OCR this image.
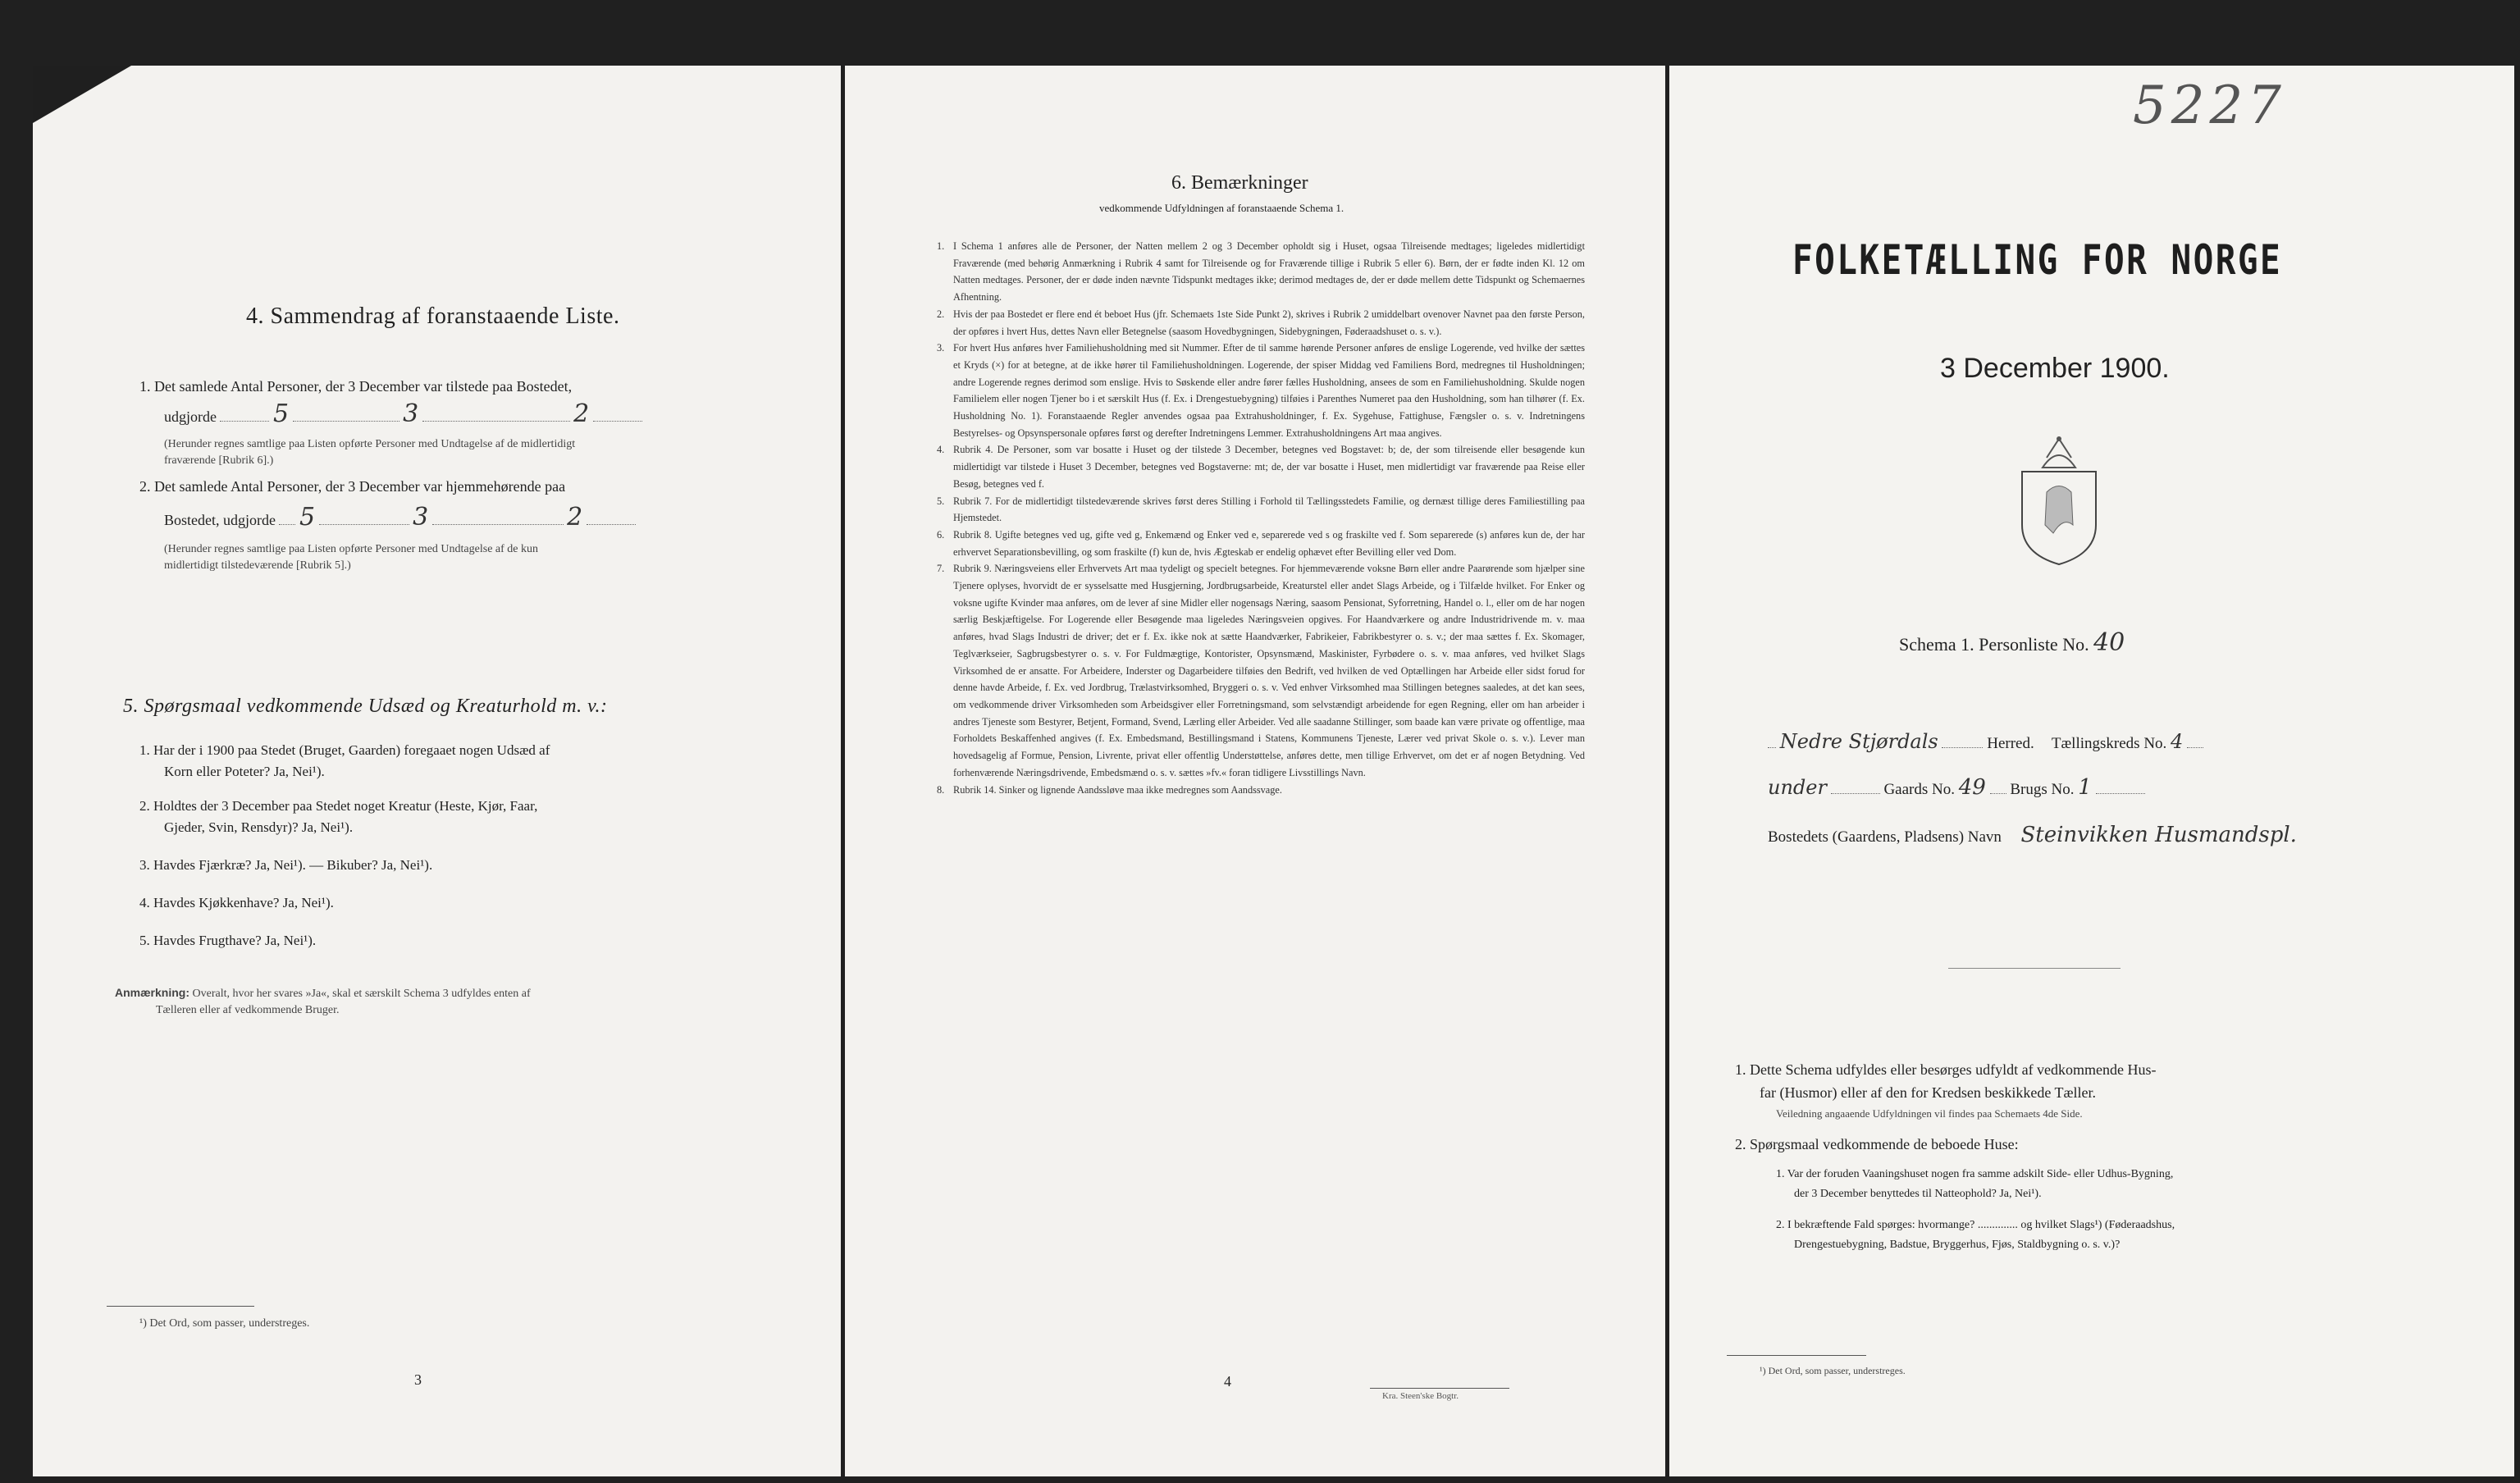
5227
4. Sammendrag af foranstaaende Liste.
1. Det samlede Antal Personer, der 3 December var tilstede paa Bostedet,
udgjorde 5	3	2
(Herunder regnes samtlige paa Listen opførte Personer med Undtagelse af de midlertidigt
fraværende [Rubrik 6].)
2. Det samlede Antal Personer, der 3 December var hjemmehørende paa
Bostedet, udgjorde 5	3	2
(Herunder regnes samtlige paa Listen opførte Personer med Undtagelse af de kun
midlertidigt tilstedeværende [Rubrik 5].)
5. Spørgsmaal vedkommende Udsæd og Kreaturhold m. v.:
1. Har der i 1900 paa Stedet (Bruget, Gaarden) foregaaet nogen Udsæd af
Korn eller Poteter? Ja, Nei¹).
2. Holdtes der 3 December paa Stedet noget Kreatur (Heste, Kjør, Faar,
Gjeder, Svin, Rensdyr)? Ja, Nei¹).
3. Havdes Fjærkræ? Ja, Nei¹). — Bikuber? Ja, Nei¹).
4. Havdes Kjøkkenhave? Ja, Nei¹).
5. Havdes Frugthave? Ja, Nei¹).
Anmærkning: Overalt, hvor her svares »Ja«, skal et særskilt Schema 3 udfyldes enten af
Tælleren eller af vedkommende Bruger.
¹) Det Ord, som passer, understreges.
3
6. Bemærkninger
vedkommende Udfyldningen af foranstaaende Schema 1.
1. I Schema 1 anføres alle de Personer, der Natten mellem 2 og 3 December opholdt sig i Huset, ogsaa Tilreisende medtages; ligeledes midlertidigt Fraværende (med behørig Anmærkning i Rubrik 4 samt for Tilreisende og for Fraværende tillige i Rubrik 5 eller 6). Børn, der er fødte inden Kl. 12 om Natten medtages. Personer, der er døde inden nævnte Tidspunkt medtages ikke; derimod medtages de, der er døde mellem dette Tidspunkt og Schemaernes Afhentning.
2. Hvis der paa Bostedet er flere end ét beboet Hus (jfr. Schemaets 1ste Side Punkt 2), skrives i Rubrik 2 umiddelbart ovenover Navnet paa den første Person, der opføres i hvert Hus, dettes Navn eller Betegnelse (saasom Hovedbygningen, Sidebygningen, Føderaadshuset o. s. v.).
3. For hvert Hus anføres hver Familiehusholdning med sit Nummer. Efter de til samme hørende Personer anføres de enslige Logerende, ved hvilke der sættes et Kryds (×) for at betegne, at de ikke hører til Familiehusholdningen. Logerende, der spiser Middag ved Familiens Bord, medregnes til Husholdningen; andre Logerende regnes derimod som enslige. Hvis to Søskende eller andre fører fælles Husholdning, ansees de som en Familiehusholdning. Skulde nogen Familielem eller nogen Tjener bo i et særskilt Hus (f. Ex. i Drengestuebygning) tilføies i Parenthes Numeret paa den Husholdning, som han tilhører (f. Ex. Husholdning No. 1). Foranstaaende Regler anvendes ogsaa paa Extrahusholdninger, f. Ex. Sygehuse, Fattighuse, Fængsler o. s. v. Indretningens Bestyrelses- og Opsynspersonale opføres først og derefter Indretningens Lemmer. Extrahusholdningens Art maa angives.
4. Rubrik 4. De Personer, som var bosatte i Huset og der tilstede 3 December, betegnes ved Bogstavet: b; de, der som tilreisende eller besøgende kun midlertidigt var tilstede i Huset 3 December, betegnes ved Bogstaverne: mt; de, der var bosatte i Huset, men midlertidigt var fraværende paa Reise eller Besøg, betegnes ved f.
5. Rubrik 7. For de midlertidigt tilstedeværende skrives først deres Stilling i Forhold til Tællingsstedets Familie, og dernæst tillige deres Familiestilling paa Hjemstedet.
6. Rubrik 8. Ugifte betegnes ved ug, gifte ved g, Enkemænd og Enker ved e, separerede ved s og fraskilte ved f. Som separerede (s) anføres kun de, der har erhvervet Separationsbevilling, og som fraskilte (f) kun de, hvis Ægteskab er endelig ophævet efter Bevilling eller ved Dom.
7. Rubrik 9. Næringsveiens eller Erhvervets Art maa tydeligt og specielt betegnes. For hjemmeværende voksne Børn eller andre Paarørende som hjælper sine Tjenere oplyses, hvorvidt de er sysselsatte med Husgjerning, Jordbrugsarbeide, Kreaturstel eller andet Slags Arbeide, og i Tilfælde hvilket. For Enker og voksne ugifte Kvinder maa anføres, om de lever af sine Midler eller nogensags Næring, saasom Pensionat, Syforretning, Handel o. l., eller om de har nogen særlig Beskjæftigelse. For Logerende eller Besøgende maa ligeledes Næringsveien opgives. For Haandværkere og andre Industridrivende m. v. maa anføres, hvad Slags Industri de driver; det er f. Ex. ikke nok at sætte Haandværker, Fabrikeier, Fabrikbestyrer o. s. v.; der maa sættes f. Ex. Skomager, Teglværkseier, Sagbrugsbestyrer o. s. v. For Fuldmægtige, Kontorister, Opsynsmænd, Maskinister, Fyrbødere o. s. v. maa anføres, ved hvilket Slags Virksomhed de er ansatte. For Arbeidere, Inderster og Dagarbeidere tilføies den Bedrift, ved hvilken de ved Optællingen har Arbeide eller sidst forud for denne havde Arbeide, f. Ex. ved Jordbrug, Trælastvirksomhed, Bryggeri o. s. v. Ved enhver Virksomhed maa Stillingen betegnes saaledes, at det kan sees, om vedkommende driver Virksomheden som Arbeidsgiver eller Forretningsmand, som selvstændigt arbeidende for egen Regning, eller om han arbeider i andres Tjeneste som Bestyrer, Betjent, Formand, Svend, Lærling eller Arbeider. Ved alle saadanne Stillinger, som baade kan være private og offentlige, maa Forholdets Beskaffenhed angives (f. Ex. Embedsmand, Bestillingsmand i Statens, Kommunens Tjeneste, Lærer ved privat Skole o. s. v.). Lever man hovedsagelig af Formue, Pension, Livrente, privat eller offentlig Understøttelse, anføres dette, men tillige Erhvervet, om det er af nogen Betydning. Ved forhenværende Næringsdrivende, Embedsmænd o. s. v. sættes »fv.« foran tidligere Livsstillings Navn.
8. Rubrik 14. Sinker og lignende Aandssløve maa ikke medregnes som Aandssvage.
4
Kra. Steen'ske Bogtr.
FOLKETÆLLING FOR NORGE
3 December 1900.
Schema 1. Personliste No. 40
Nedre Stjørdals	Herred. Tællingskreds No. 4
under	Gaards No. 49 Brugs No. 1
Bostedets (Gaardens, Pladsens) Navn Steinvikken Husmandspl.
1. Dette Schema udfyldes eller besørges udfyldt af vedkommende Hus-
far (Husmor) eller af den for Kredsen beskikkede Tæller.
Veiledning angaaende Udfyldningen vil findes paa Schemaets 4de Side.
2. Spørgsmaal vedkommende de beboede Huse:
1. Var der foruden Vaaningshuset nogen fra samme adskilt Side- eller Udhus-Bygning,
der 3 December benyttedes til Natteophold? Ja, Nei¹).
2. I bekræftende Fald spørges: hvormange? .............. og hvilket Slags¹) (Føderaadshus,
Drengestuebygning, Badstue, Bryggerhus, Fjøs, Staldbygning o. s. v.)?
¹) Det Ord, som passer, understreges.
